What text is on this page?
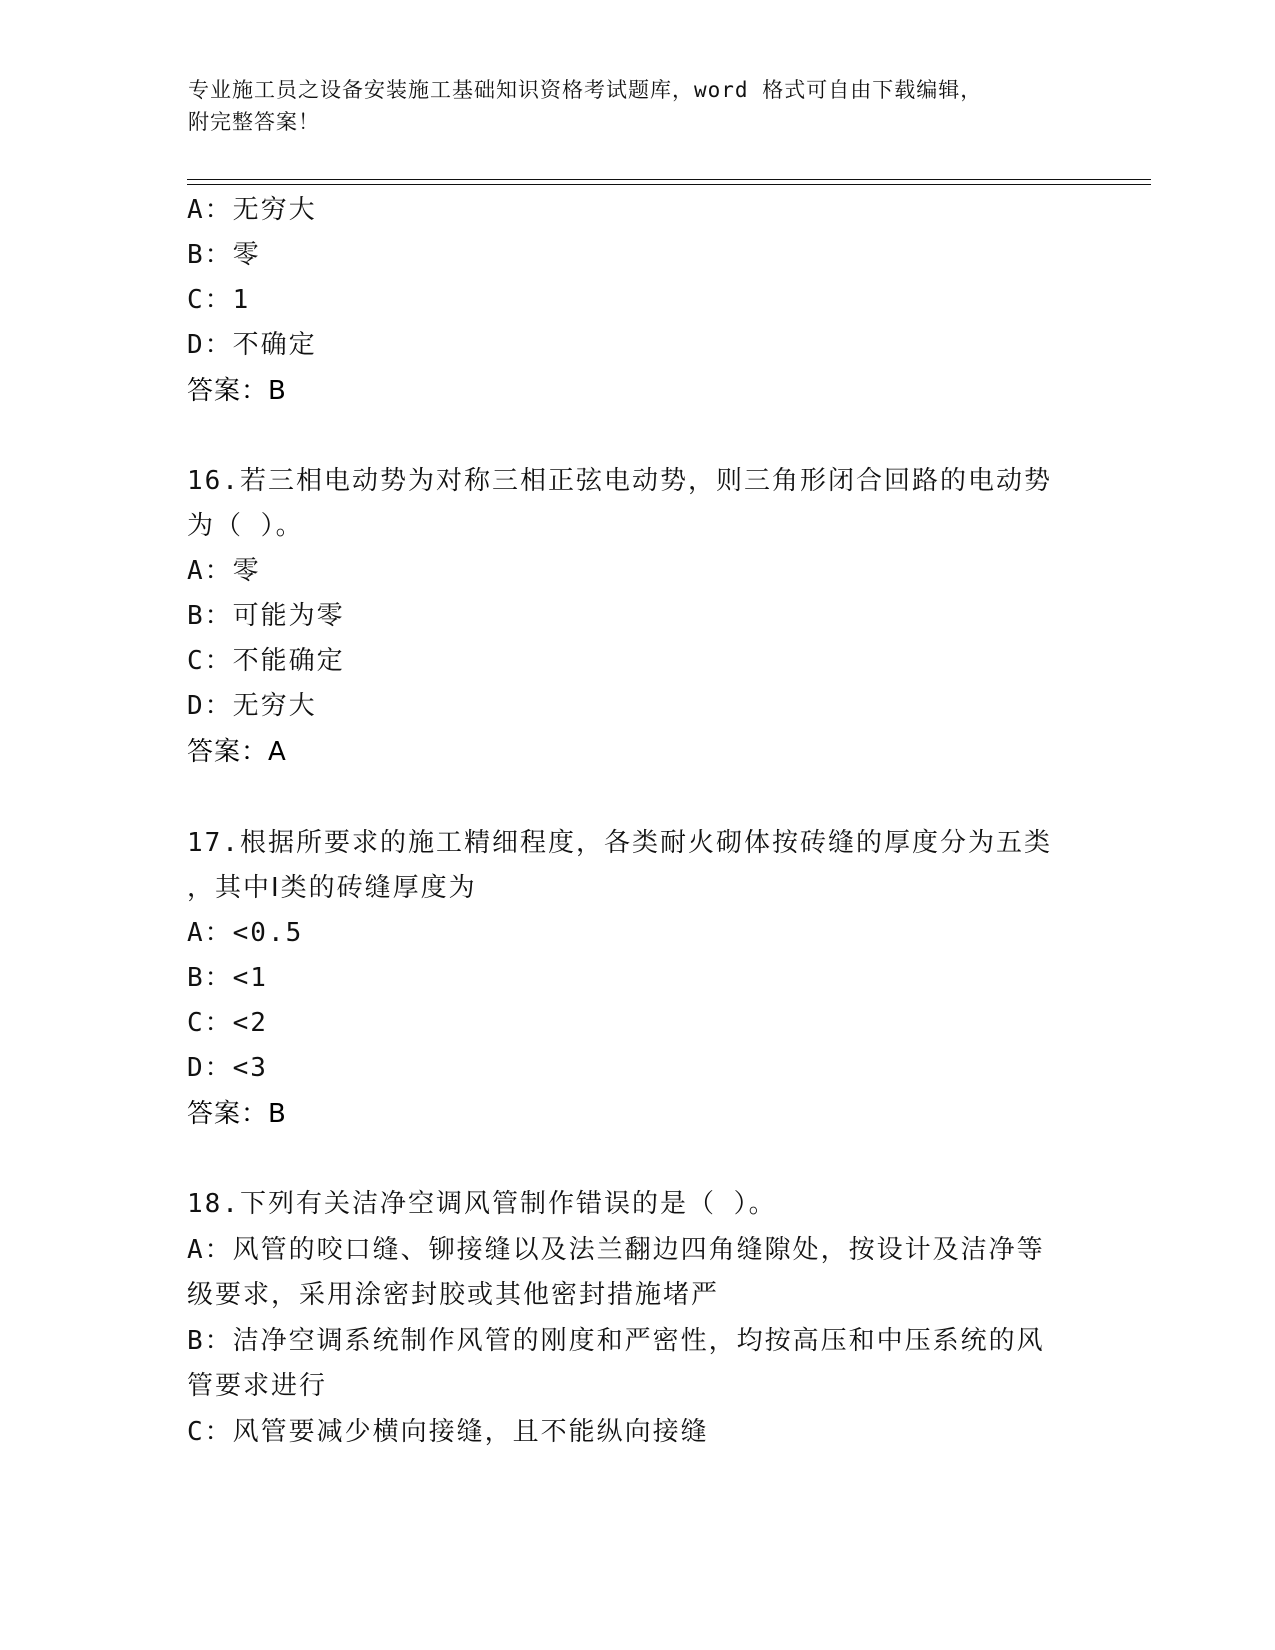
专业施工员之设备安装施工基础知识资格考试题库，word 格式可自由下载编辑，
附完整答案！
A：无穷大
B：零
C：1
D：不确定
答案：B
16.若三相电动势为对称三相正弦电动势，则三角形闭合回路的电动势
为（ ）。
A：零
B：可能为零
C：不能确定
D：无穷大
答案：A
17.根据所要求的施工精细程度，各类耐火砌体按砖缝的厚度分为五类
，其中Ⅰ类的砖缝厚度为
A：<0.5
B：<1
C：<2
D：<3
答案：B
18.下列有关洁净空调风管制作错误的是（ ）。
A：风管的咬口缝、铆接缝以及法兰翻边四角缝隙处，按设计及洁净等
级要求，采用涂密封胶或其他密封措施堵严
B：洁净空调系统制作风管的刚度和严密性，均按高压和中压系统的风
管要求进行
C：风管要减少横向接缝，且不能纵向接缝
